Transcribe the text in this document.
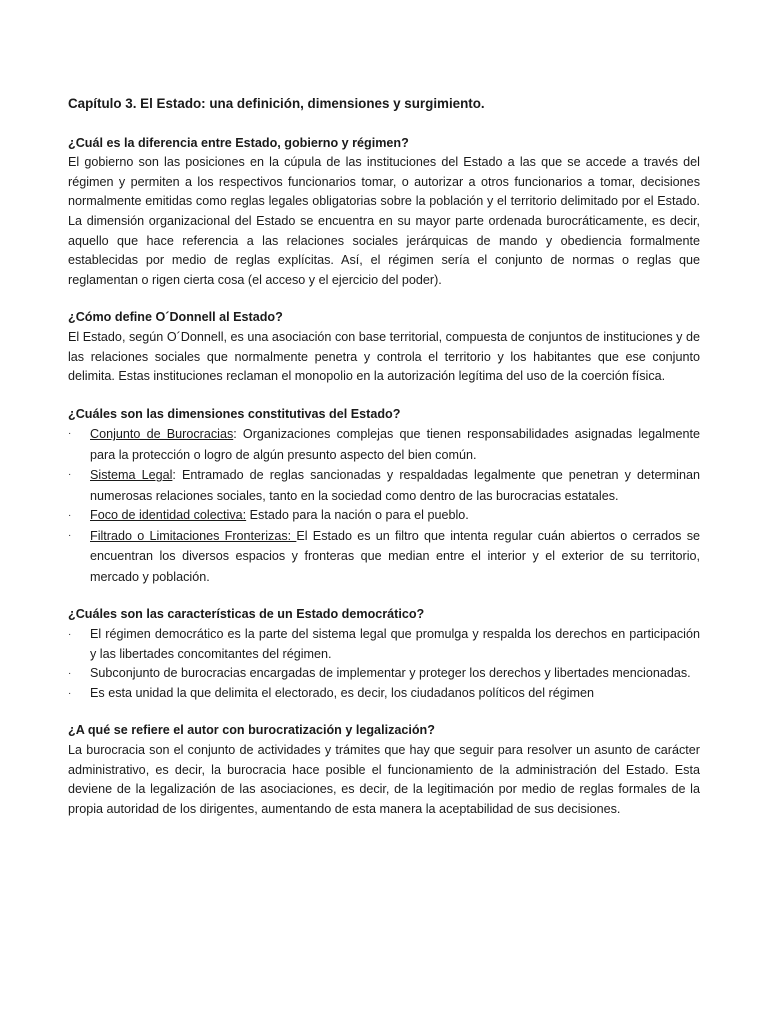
Capítulo 3. El Estado: una definición, dimensiones y surgimiento.

¿Cuál es la diferencia entre Estado, gobierno y régimen?

El gobierno son las posiciones en la cúpula de las instituciones del Estado a las que se accede a través del régimen y permiten a los respectivos funcionarios tomar, o autorizar a otros funcionarios a tomar, decisiones normalmente emitidas como reglas legales obligatorias sobre la población y el territorio delimitado por el Estado. La dimensión organizacional del Estado se encuentra en su mayor parte ordenada burocráticamente, es decir, aquello que hace referencia a las relaciones sociales jerárquicas de mando y obediencia formalmente establecidas por medio de reglas explícitas. Así, el régimen sería el conjunto de normas o reglas que reglamentan o rigen cierta cosa (el acceso y el ejercicio del poder).

¿Cómo define O´Donnell al Estado?

El Estado, según O´Donnell, es una asociación con base territorial, compuesta de conjuntos de instituciones y de las relaciones sociales que normalmente penetra y controla el territorio y los habitantes que ese conjunto delimita. Estas instituciones reclaman el monopolio en la autorización legítima del uso de la coerción física.

¿Cuáles son las dimensiones constitutivas del Estado?

· Conjunto de Burocracias: Organizaciones complejas que tienen responsabilidades asignadas legalmente para la protección o logro de algún presunto aspecto del bien común.
· Sistema Legal: Entramado de reglas sancionadas y respaldadas legalmente que penetran y determinan numerosas relaciones sociales, tanto en la sociedad como dentro de las burocracias estatales.
· Foco de identidad colectiva: Estado para la nación o para el pueblo.
· Filtrado o Limitaciones Fronterizas: El Estado es un filtro que intenta regular cuán abiertos o cerrados se encuentran los diversos espacios y fronteras que median entre el interior y el exterior de su territorio, mercado y población.

¿Cuáles son las características de un Estado democrático?

· El régimen democrático es la parte del sistema legal que promulga y respalda los derechos en participación y las libertades concomitantes del régimen.
· Subconjunto de burocracias encargadas de implementar y proteger los derechos y libertades mencionadas.
· Es esta unidad la que delimita el electorado, es decir, los ciudadanos políticos del régimen

¿A qué se refiere el autor con burocratización y legalización?

La burocracia son el conjunto de actividades y trámites que hay que seguir para resolver un asunto de carácter administrativo, es decir, la burocracia hace posible el funcionamiento de la administración del Estado. Esta deviene de la legalización de las asociaciones, es decir, de la legitimación por medio de reglas formales de la propia autoridad de los dirigentes, aumentando de esta manera la aceptabilidad de sus decisiones.
